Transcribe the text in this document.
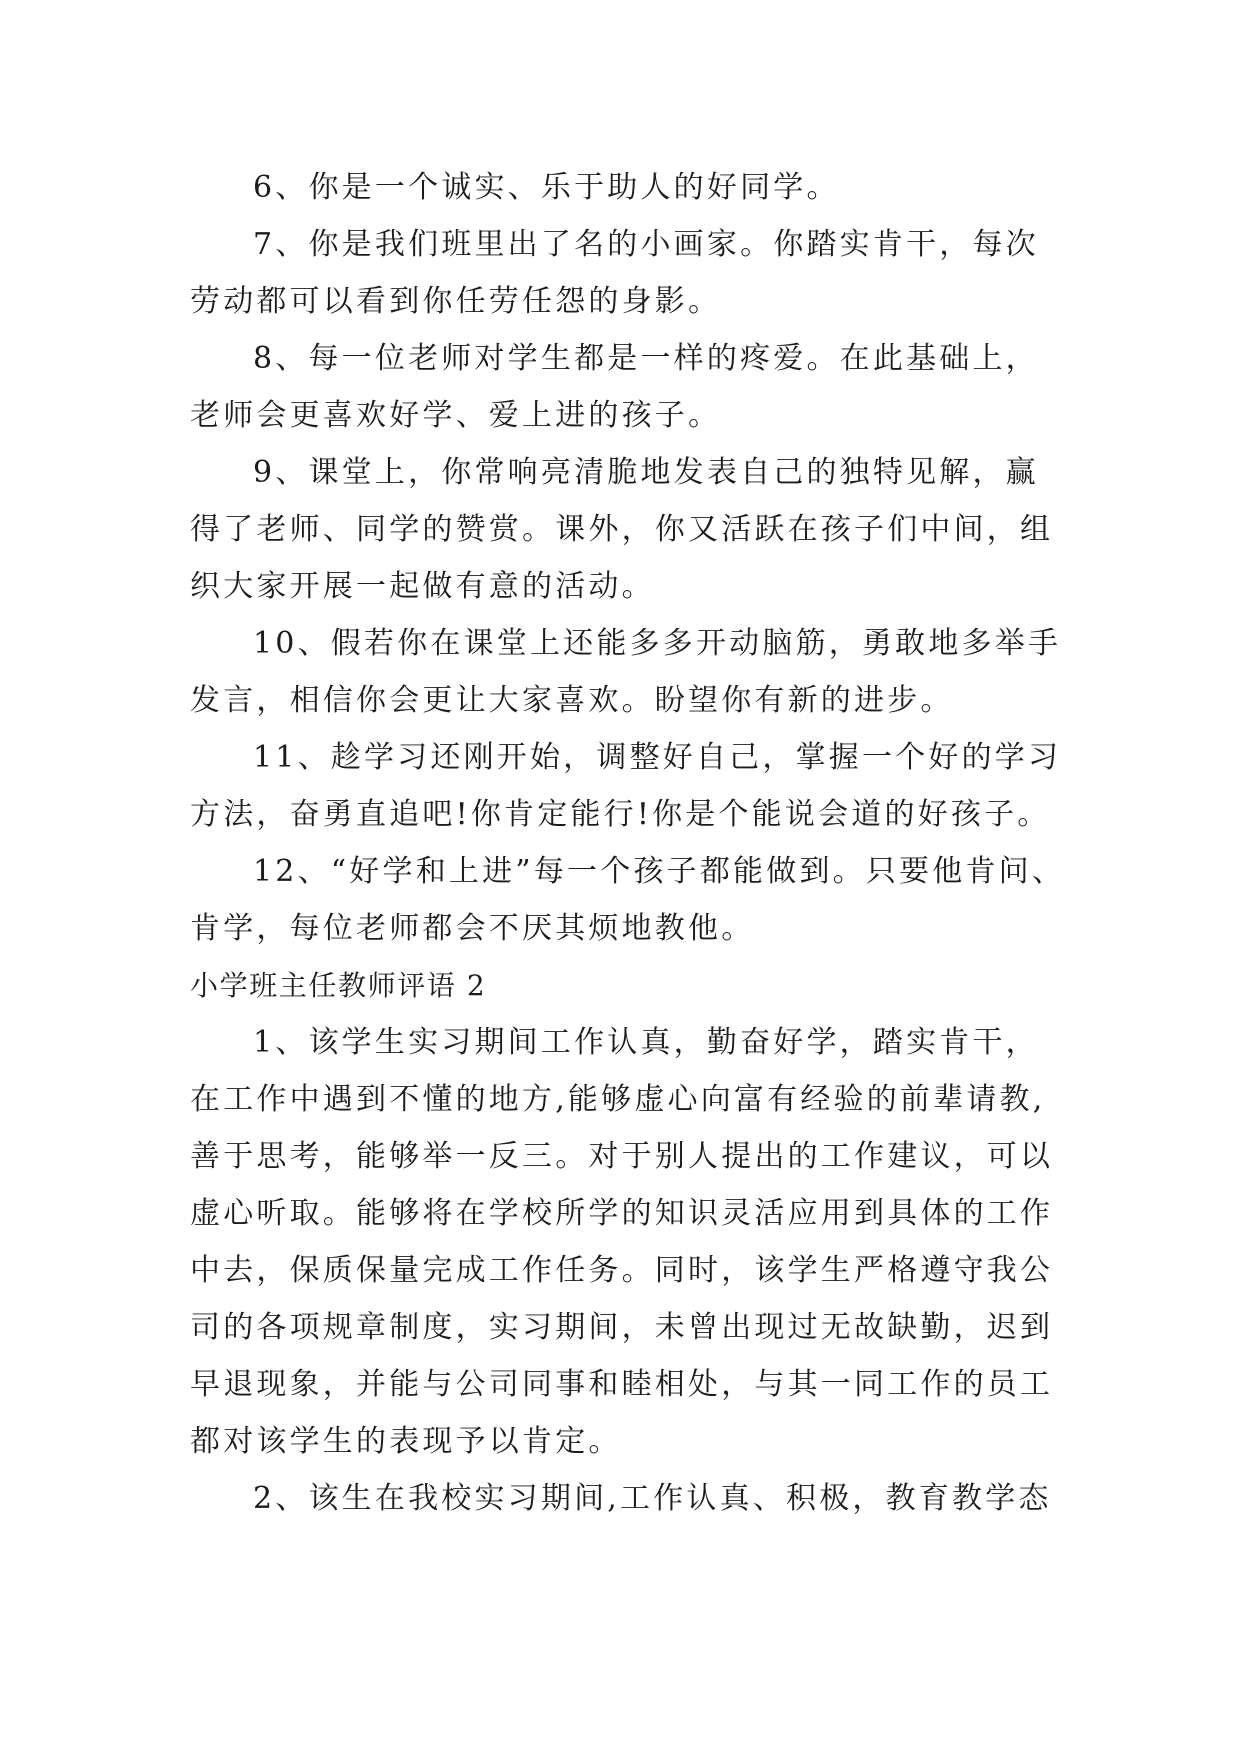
6、你是一个诚实、乐于助人的好同学。
7、你是我们班里出了名的小画家。你踏实肯干，每次
劳动都可以看到你任劳任怨的身影。
8、每一位老师对学生都是一样的疼爱。在此基础上，
老师会更喜欢好学、爱上进的孩子。
9、课堂上，你常响亮清脆地发表自己的独特见解，赢
得了老师、同学的赞赏。课外，你又活跃在孩子们中间，组
织大家开展一起做有意的活动。
10、假若你在课堂上还能多多开动脑筋，勇敢地多举手
发言，相信你会更让大家喜欢。盼望你有新的进步。
11、趁学习还刚开始，调整好自己，掌握一个好的学习
方法，奋勇直追吧!你肯定能行!你是个能说会道的好孩子。
12、“好学和上进”每一个孩子都能做到。只要他肯问、
肯学，每位老师都会不厌其烦地教他。
小学班主任教师评语 2
1、该学生实习期间工作认真，勤奋好学，踏实肯干，
在工作中遇到不懂的地方,能够虚心向富有经验的前辈请教,
善于思考，能够举一反三。对于别人提出的工作建议，可以
虚心听取。能够将在学校所学的知识灵活应用到具体的工作
中去，保质保量完成工作任务。同时，该学生严格遵守我公
司的各项规章制度，实习期间，未曾出现过无故缺勤，迟到
早退现象，并能与公司同事和睦相处，与其一同工作的员工
都对该学生的表现予以肯定。
2、该生在我校实习期间,工作认真、积极，教育教学态
